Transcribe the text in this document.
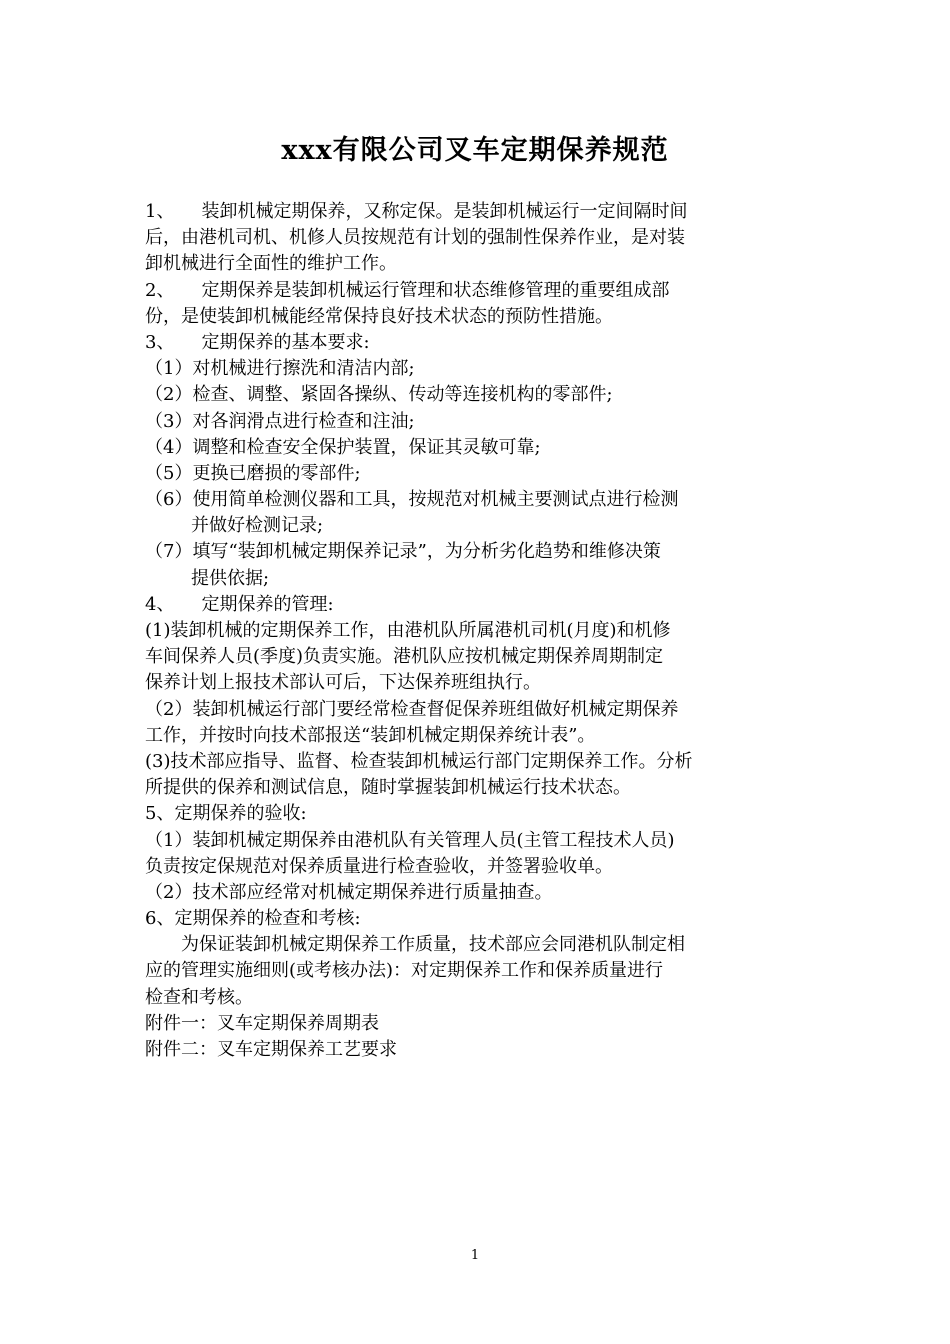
xxx有限公司叉车定期保养规范
1、　　装卸机械定期保养，又称定保。是装卸机械运行一定间隔时间
后，由港机司机、机修人员按规范有计划的强制性保养作业，是对装
卸机械进行全面性的维护工作。
2、　　定期保养是装卸机械运行管理和状态维修管理的重要组成部
份，是使装卸机械能经常保持良好技术状态的预防性措施。
3、　　定期保养的基本要求:
（1）对机械进行擦洗和清洁内部;
（2）检查、调整、紧固各操纵、传动等连接机构的零部件;
（3）对各润滑点进行检查和注油;
（4）调整和检查安全保护装置，保证其灵敏可靠;
（5）更换已磨损的零部件;
（6）使用简单检测仪器和工具，按规范对机械主要测试点进行检测
并做好检测记录;
（7）填写“装卸机械定期保养记录”，为分析劣化趋势和维修决策
提供依据;
4、　　定期保养的管理:
(1)装卸机械的定期保养工作，由港机队所属港机司机(月度)和机修
车间保养人员(季度)负责实施。港机队应按机械定期保养周期制定
保养计划上报技术部认可后，下达保养班组执行。
（2）装卸机械运行部门要经常检查督促保养班组做好机械定期保养
工作，并按时向技术部报送“装卸机械定期保养统计表”。
(3)技术部应指导、监督、检查装卸机械运行部门定期保养工作。分析
所提供的保养和测试信息，随时掌握装卸机械运行技术状态。
5、定期保养的验收:
（1）装卸机械定期保养由港机队有关管理人员(主管工程技术人员)
负责按定保规范对保养质量进行检查验收，并签署验收单。
（2）技术部应经常对机械定期保养进行质量抽查。
6、定期保养的检查和考核:
　　为保证装卸机械定期保养工作质量，技术部应会同港机队制定相
应的管理实施细则(或考核办法)：对定期保养工作和保养质量进行
检查和考核。
附件一：叉车定期保养周期表
附件二：叉车定期保养工艺要求
1
